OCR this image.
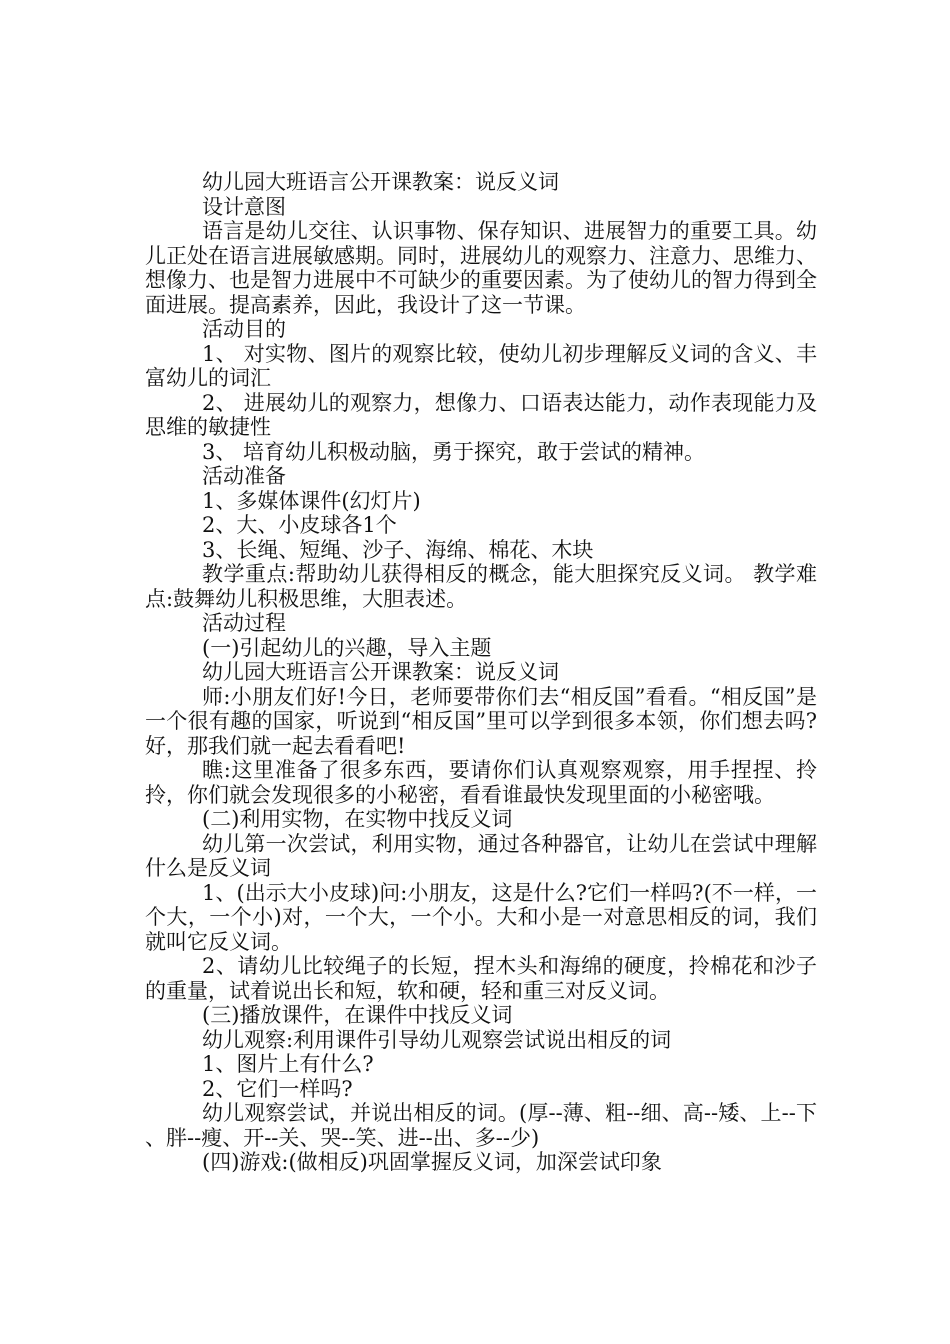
幼儿园大班语言公开课教案：说反义词

设计意图

语言是幼儿交往、认识事物、保存知识、进展智力的重要工具。幼儿正处在语言进展敏感期。同时，进展幼儿的观察力、注意力、思维力、想像力、也是智力进展中不可缺少的重要因素。为了使幼儿的智力得到全面进展。提高素养，因此，我设计了这一节课。

活动目的

1、 对实物、图片的观察比较，使幼儿初步理解反义词的含义、丰富幼儿的词汇

2、 进展幼儿的观察力，想像力、口语表达能力，动作表现能力及思维的敏捷性

3、 培育幼儿积极动脑，勇于探究，敢于尝试的精神。

活动准备

1、多媒体课件(幻灯片)

2、大、小皮球各1个

3、长绳、短绳、沙子、海绵、棉花、木块

教学重点:帮助幼儿获得相反的概念，能大胆探究反义词。 教学难点:鼓舞幼儿积极思维，大胆表述。

活动过程

(一)引起幼儿的兴趣，导入主题

幼儿园大班语言公开课教案：说反义词

师:小朋友们好!今日，老师要带你们去“相反国”看看。“相反国”是一个很有趣的国家，听说到“相反国”里可以学到很多本领，你们想去吗?好，那我们就一起去看看吧!

瞧:这里准备了很多东西，要请你们认真观察观察，用手捏捏、拎拎，你们就会发现很多的小秘密，看看谁最快发现里面的小秘密哦。

(二)利用实物，在实物中找反义词

幼儿第一次尝试，利用实物，通过各种器官，让幼儿在尝试中理解什么是反义词

1、(出示大小皮球)问:小朋友，这是什么?它们一样吗?(不一样，一个大，一个小)对，一个大，一个小。大和小是一对意思相反的词，我们就叫它反义词。

2、请幼儿比较绳子的长短，捏木头和海绵的硬度，拎棉花和沙子的重量，试着说出长和短，软和硬，轻和重三对反义词。

(三)播放课件，在课件中找反义词

幼儿观察:利用课件引导幼儿观察尝试说出相反的词

1、图片上有什么?

2、它们一样吗?

幼儿观察尝试，并说出相反的词。(厚--薄、粗--细、高--矮、上--下、胖--瘦、开--关、哭--笑、进--出、多--少)

(四)游戏:(做相反)巩固掌握反义词，加深尝试印象
